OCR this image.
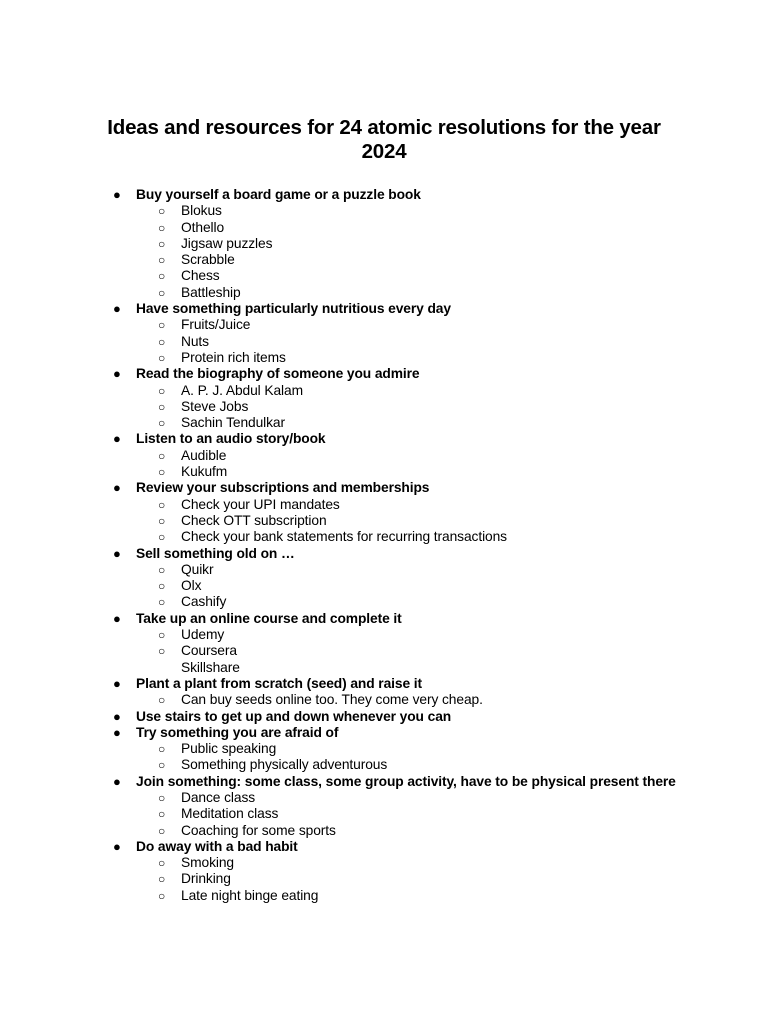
Ideas and resources for 24 atomic resolutions for the year 2024
● Buy yourself a board game or a puzzle book
○ Blokus
○ Othello
○ Jigsaw puzzles
○ Scrabble
○ Chess
○ Battleship
● Have something particularly nutritious every day
○ Fruits/Juice
○ Nuts
○ Protein rich items
● Read the biography of someone you admire
○ A. P. J. Abdul Kalam
○ Steve Jobs
○ Sachin Tendulkar
● Listen to an audio story/book
○ Audible
○ Kukufm
● Review your subscriptions and memberships
○ Check your UPI mandates
○ Check OTT subscription
○ Check your bank statements for recurring transactions
● Sell something old on …
○ Quikr
○ Olx
○ Cashify
● Take up an online course and complete it
○ Udemy
○ Coursera
Skillshare
● Plant a plant from scratch (seed) and raise it
○ Can buy seeds online too. They come very cheap.
● Use stairs to get up and down whenever you can
● Try something you are afraid of
○ Public speaking
○ Something physically adventurous
● Join something: some class, some group activity, have to be physical present there
○ Dance class
○ Meditation class
○ Coaching for some sports
● Do away with a bad habit
○ Smoking
○ Drinking
○ Late night binge eating
